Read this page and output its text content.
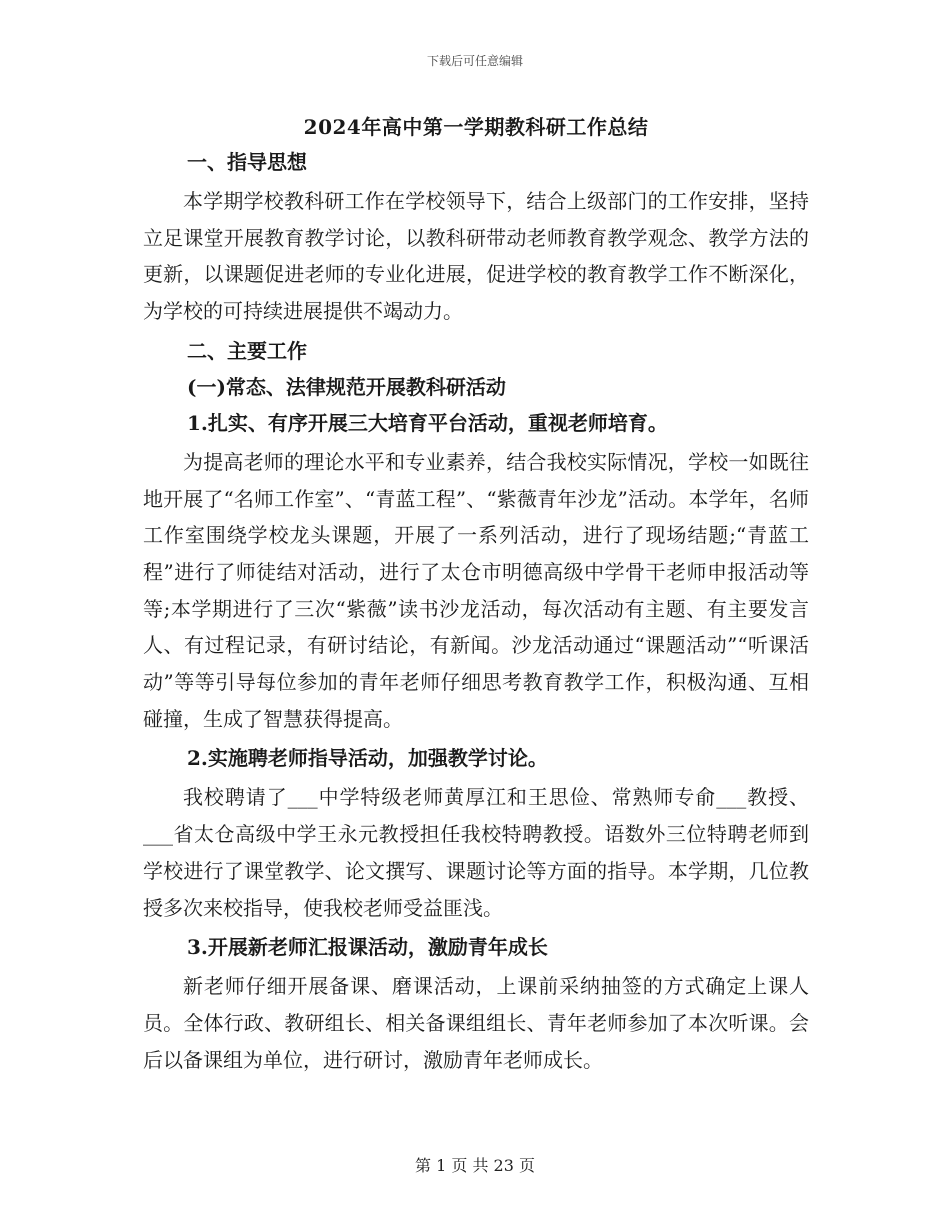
下载后可任意编辑
2024年高中第一学期教科研工作总结
一、指导思想

本学期学校教科研工作在学校领导下，结合上级部门的工作安排，坚持立足课堂开展教育教学讨论，以教科研带动老师教育教学观念、教学方法的更新，以课题促进老师的专业化进展，促进学校的教育教学工作不断深化，为学校的可持续进展提供不竭动力。

二、主要工作
(一)常态、法律规范开展教科研活动
1.扎实、有序开展三大培育平台活动，重视老师培育。

为提高老师的理论水平和专业素养，结合我校实际情况，学校一如既往地开展了“名师工作室”、“青蓝工程”、“紫薇青年沙龙”活动。本学年，名师工作室围绕学校龙头课题，开展了一系列活动，进行了现场结题;“青蓝工程”进行了师徒结对活动，进行了太仓市明德高级中学骨干老师申报活动等等;本学期进行了三次“紫薇”读书沙龙活动，每次活动有主题、有主要发言人、有过程记录，有研讨结论，有新闻。沙龙活动通过“课题活动”“听课活动”等等引导每位参加的青年老师仔细思考教育教学工作，积极沟通、互相碰撞，生成了智慧获得提高。

2.实施聘老师指导活动，加强教学讨论。

我校聘请了___中学特级老师黄厚江和王思俭、常熟师专俞___教授、___省太仓高级中学王永元教授担任我校特聘教授。语数外三位特聘老师到学校进行了课堂教学、论文撰写、课题讨论等方面的指导。本学期，几位教授多次来校指导，使我校老师受益匪浅。

3.开展新老师汇报课活动，激励青年成长

新老师仔细开展备课、磨课活动，上课前采纳抽签的方式确定上课人员。全体行政、教研组长、相关备课组组长、青年老师参加了本次听课。会后以备课组为单位，进行研讨，激励青年老师成长。

第 1 页 共 23 页
